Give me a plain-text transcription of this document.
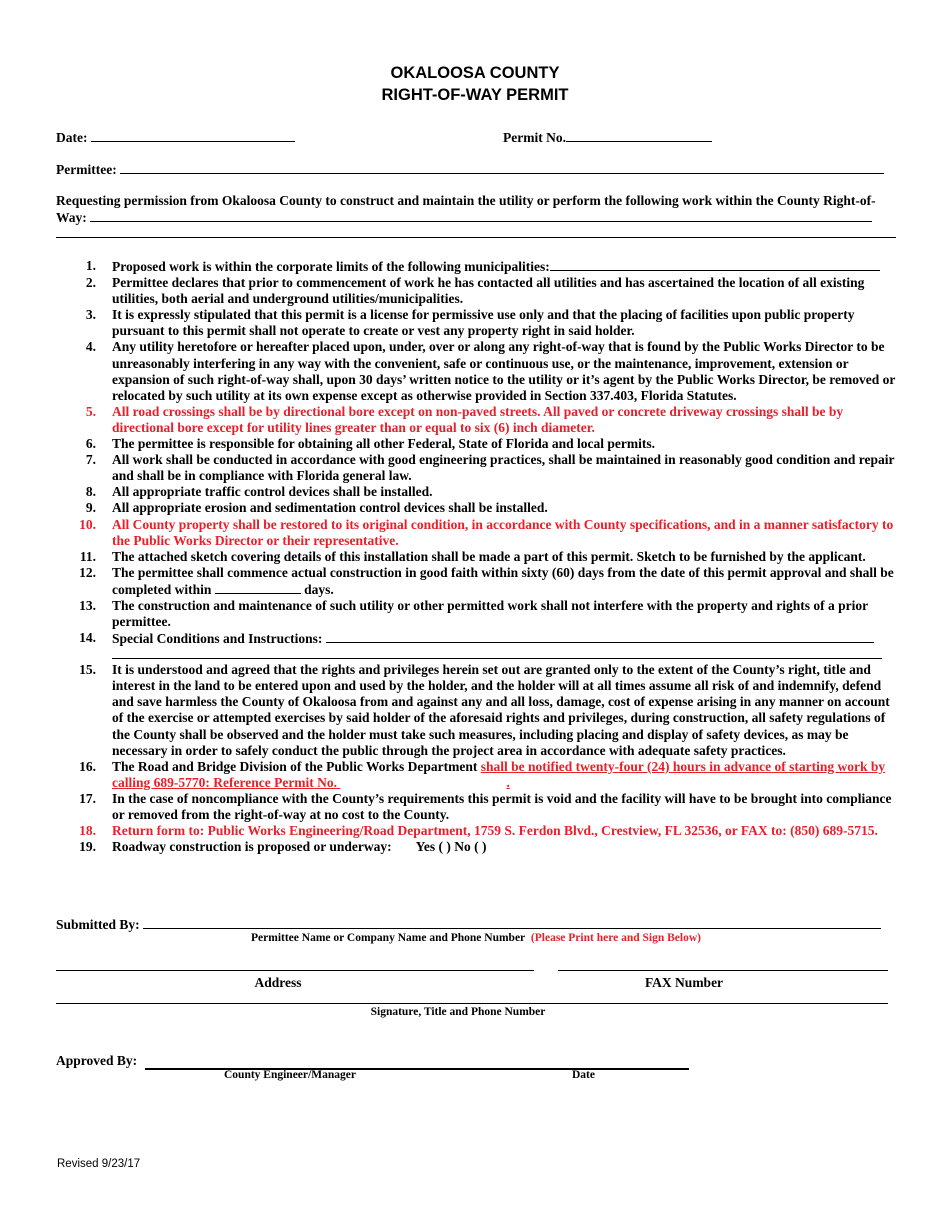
OKALOOSA COUNTY
RIGHT-OF-WAY PERMIT
Date:	Permit No.
Permittee:
Requesting permission from Okaloosa County to construct and maintain the utility or perform the following work within the County Right-of-Way:
1. Proposed work is within the corporate limits of the following municipalities:
2. Permittee declares that prior to commencement of work he has contacted all utilities and has ascertained the location of all existing utilities, both aerial and underground utilities/municipalities.
3. It is expressly stipulated that this permit is a license for permissive use only and that the placing of facilities upon public property pursuant to this permit shall not operate to create or vest any property right in said holder.
4. Any utility heretofore or hereafter placed upon, under, over or along any right-of-way that is found by the Public Works Director to be unreasonably interfering in any way with the convenient, safe or continuous use, or the maintenance, improvement, extension or expansion of such right-of-way shall, upon 30 days’ written notice to the utility or it’s agent by the Public Works Director, be removed or relocated by such utility at its own expense except as otherwise provided in Section 337.403, Florida Statutes.
5. All road crossings shall be by directional bore except on non-paved streets. All paved or concrete driveway crossings shall be by directional bore except for utility lines greater than or equal to six (6) inch diameter.
6. The permittee is responsible for obtaining all other Federal, State of Florida and local permits.
7. All work shall be conducted in accordance with good engineering practices, shall be maintained in reasonably good condition and repair and shall be in compliance with Florida general law.
8. All appropriate traffic control devices shall be installed.
9. All appropriate erosion and sedimentation control devices shall be installed.
10. All County property shall be restored to its original condition, in accordance with County specifications, and in a manner satisfactory to the Public Works Director or their representative.
11. The attached sketch covering details of this installation shall be made a part of this permit. Sketch to be furnished by the applicant.
12. The permittee shall commence actual construction in good faith within sixty (60) days from the date of this permit approval and shall be completed within	days.
13. The construction and maintenance of such utility or other permitted work shall not interfere with the property and rights of a prior permittee.
14. Special Conditions and Instructions:
15. It is understood and agreed that the rights and privileges herein set out are granted only to the extent of the County’s right, title and interest in the land to be entered upon and used by the holder, and the holder will at all times assume all risk of and indemnify, defend and save harmless the County of Okaloosa from and against any and all loss, damage, cost of expense arising in any manner on account of the exercise or attempted exercises by said holder of the aforesaid rights and privileges, during construction, all safety regulations of the County shall be observed and the holder must take such measures, including placing and display of safety devices, as may be necessary in order to safely conduct the public through the project area in accordance with adequate safety practices.
16. The Road and Bridge Division of the Public Works Department shall be notified twenty-four (24) hours in advance of starting work by calling 689-5770: Reference Permit No.	.
17. In the case of noncompliance with the County’s requirements this permit is void and the facility will have to be brought into compliance or removed from the right-of-way at no cost to the County.
18. Return form to: Public Works Engineering/Road Department, 1759 S. Ferdon Blvd., Crestview, FL 32536, or FAX to: (850) 689-5715.
19. Roadway construction is proposed or underway: Yes ( ) No ( )
Submitted By:
Permittee Name or Company Name and Phone Number (Please Print here and Sign Below)
Address	FAX Number
Signature, Title and Phone Number
Approved By:
County Engineer/Manager	Date
Revised 9/23/17
